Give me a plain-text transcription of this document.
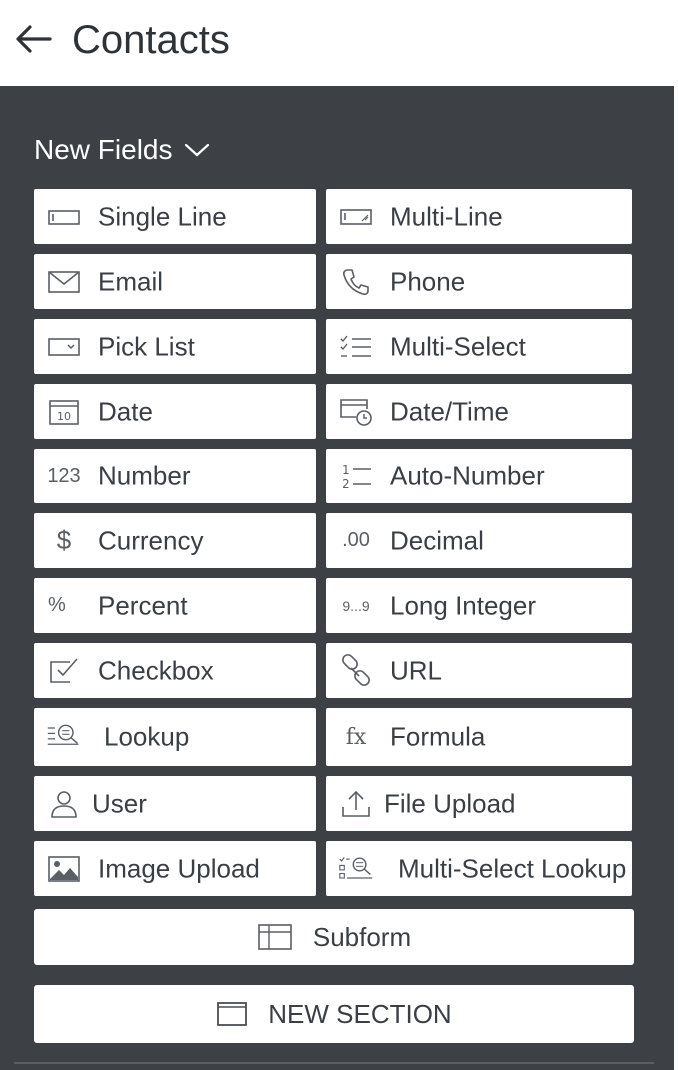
Contacts
New Fields
Single Line	Multi-Line
Email	Phone
Pick List	Multi-Select
10 Date	Date/Time
123 Number	1
2 Auto-Number
$	Currency	.00 Decimal
%	Percent	9...9 Long Integer
Checkbox	URL
Lookup	fx Formula
User	File Upload
Image Upload	Multi-Select Lookup
Subform
NEW SECTION
